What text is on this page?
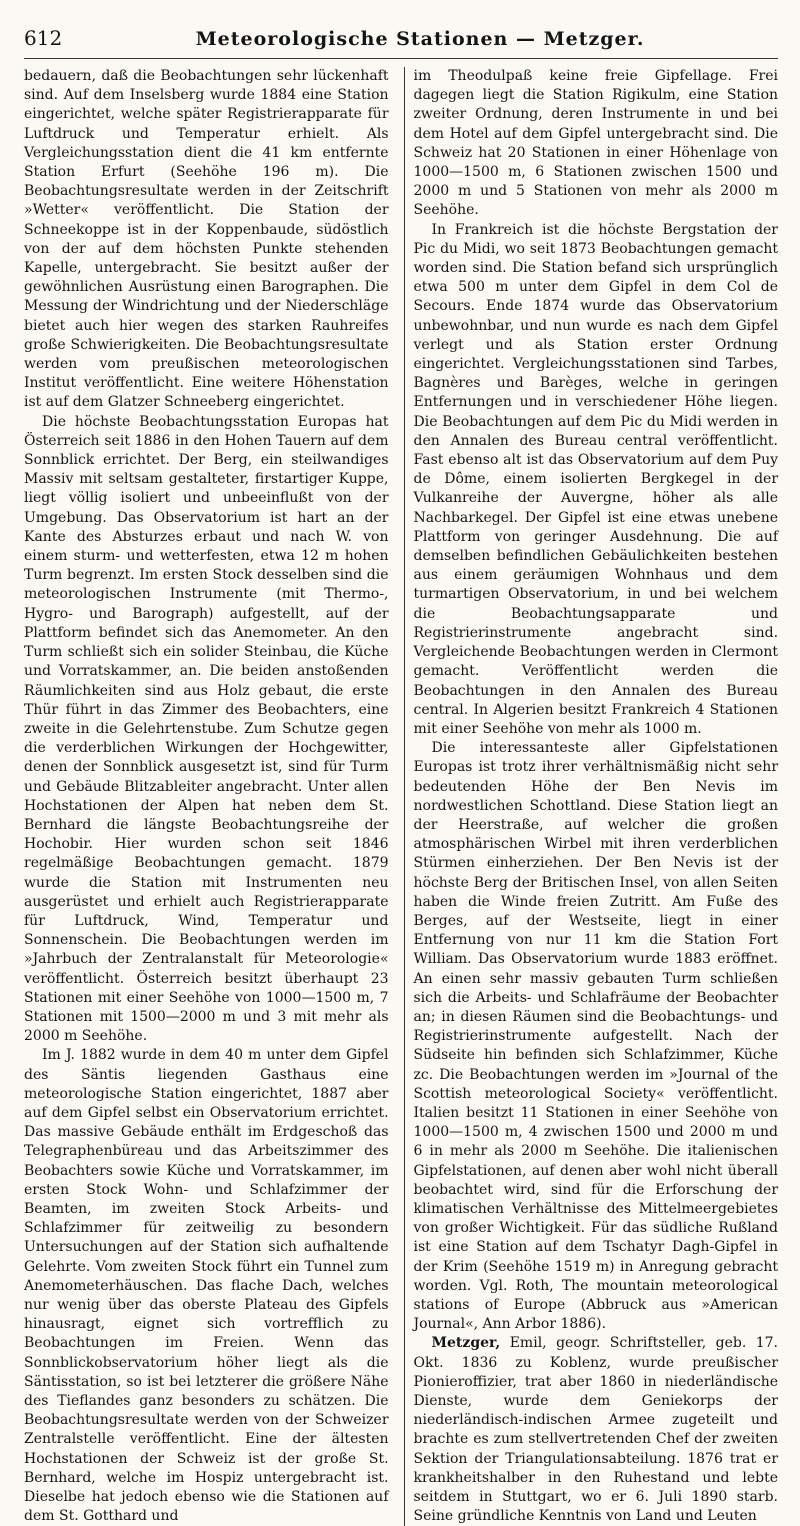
612	Meteorologische Stationen — Metzger.

bedauern, daß die Beobachtungen sehr lückenhaft sind. Auf dem Inselsberg wurde 1884 eine Station eingerichtet, welche später Registrierapparate für Luftdruck und Temperatur erhielt. Als Vergleichungsstation dient die 41 km entfernte Station Erfurt (Seehöhe 196 m). Die Beobachtungsresultate werden in der Zeitschrift »Wetter« veröffentlicht. Die Station der Schneekoppe ist in der Koppenbaude, südöstlich von der auf dem höchsten Punkte stehenden Kapelle, untergebracht. Sie besitzt außer der gewöhnlichen Ausrüstung einen Barographen. Die Messung der Windrichtung und der Niederschläge bietet auch hier wegen des starken Rauhreifes große Schwierigkeiten. Die Beobachtungsresultate werden vom preußischen meteorologischen Institut veröffentlicht. Eine weitere Höhenstation ist auf dem Glatzer Schneeberg eingerichtet.

Die höchste Beobachtungsstation Europas hat Österreich seit 1886 in den Hohen Tauern auf dem Sonnblick errichtet. Der Berg, ein steilwandiges Massiv mit seltsam gestalteter, firstartiger Kuppe, liegt völlig isoliert und unbeeinflußt von der Umgebung. Das Observatorium ist hart an der Kante des Absturzes erbaut und nach W. von einem sturm- und wetterfesten, etwa 12 m hohen Turm begrenzt. Im ersten Stock desselben sind die meteorologischen Instrumente (mit Thermo-, Hygro- und Barograph) aufgestellt, auf der Plattform befindet sich das Anemometer. An den Turm schließt sich ein solider Steinbau, die Küche und Vorratskammer, an. Die beiden anstoßenden Räumlichkeiten sind aus Holz gebaut, die erste Thür führt in das Zimmer des Beobachters, eine zweite in die Gelehrtenstube. Zum Schutze gegen die verderblichen Wirkungen der Hochgewitter, denen der Sonnblick ausgesetzt ist, sind für Turm und Gebäude Blitzableiter angebracht. Unter allen Hochstationen der Alpen hat neben dem St. Bernhard die längste Beobachtungsreihe der Hochobir. Hier wurden schon seit 1846 regelmäßige Beobachtungen gemacht. 1879 wurde die Station mit Instrumenten neu ausgerüstet und erhielt auch Registrierapparate für Luftdruck, Wind, Temperatur und Sonnenschein. Die Beobachtungen werden im »Jahrbuch der Zentralanstalt für Meteorologie« veröffentlicht. Österreich besitzt überhaupt 23 Stationen mit einer Seehöhe von 1000—1500 m, 7 Stationen mit 1500—2000 m und 3 mit mehr als 2000 m Seehöhe.

Im J. 1882 wurde in dem 40 m unter dem Gipfel des Säntis liegenden Gasthaus eine meteorologische Station eingerichtet, 1887 aber auf dem Gipfel selbst ein Observatorium errichtet. Das massive Gebäude enthält im Erdgeschoß das Telegraphenbüreau und das Arbeitszimmer des Beobachters sowie Küche und Vorratskammer, im ersten Stock Wohn- und Schlafzimmer der Beamten, im zweiten Stock Arbeits- und Schlafzimmer für zeitweilig zu besondern Untersuchungen auf der Station sich aufhaltende Gelehrte. Vom zweiten Stock führt ein Tunnel zum Anemometerhäuschen. Das flache Dach, welches nur wenig über das oberste Plateau des Gipfels hinausragt, eignet sich vortrefflich zu Beobachtungen im Freien. Wenn das Sonnblickobservatorium höher liegt als die Säntisstation, so ist bei letzterer die größere Nähe des Tieflandes ganz besonders zu schätzen. Die Beobachtungsresultate werden von der Schweizer Zentralstelle veröffentlicht. Eine der ältesten Hochstationen der Schweiz ist der große St. Bernhard, welche im Hospiz untergebracht ist. Dieselbe hat jedoch ebenso wie die Stationen auf dem St. Gotthard und

im Theodulpaß keine freie Gipfellage. Frei dagegen liegt die Station Rigikulm, eine Station zweiter Ordnung, deren Instrumente in und bei dem Hotel auf dem Gipfel untergebracht sind. Die Schweiz hat 20 Stationen in einer Höhenlage von 1000—1500 m, 6 Stationen zwischen 1500 und 2000 m und 5 Stationen von mehr als 2000 m Seehöhe.

In Frankreich ist die höchste Bergstation der Pic du Midi, wo seit 1873 Beobachtungen gemacht worden sind. Die Station befand sich ursprünglich etwa 500 m unter dem Gipfel in dem Col de Secours. Ende 1874 wurde das Observatorium unbewohnbar, und nun wurde es nach dem Gipfel verlegt und als Station erster Ordnung eingerichtet. Vergleichungsstationen sind Tarbes, Bagnères und Barèges, welche in geringen Entfernungen und in verschiedener Höhe liegen. Die Beobachtungen auf dem Pic du Midi werden in den Annalen des Bureau central veröffentlicht. Fast ebenso alt ist das Observatorium auf dem Puy de Dôme, einem isolierten Bergkegel in der Vulkanreihe der Auvergne, höher als alle Nachbarkegel. Der Gipfel ist eine etwas unebene Plattform von geringer Ausdehnung. Die auf demselben befindlichen Gebäulichkeiten bestehen aus einem geräumigen Wohnhaus und dem turmartigen Observatorium, in und bei welchem die Beobachtungsapparate und Registrierinstrumente angebracht sind. Vergleichende Beobachtungen werden in Clermont gemacht. Veröffentlicht werden die Beobachtungen in den Annalen des Bureau central. In Algerien besitzt Frankreich 4 Stationen mit einer Seehöhe von mehr als 1000 m.

Die interessanteste aller Gipfelstationen Europas ist trotz ihrer verhältnismäßig nicht sehr bedeutenden Höhe der Ben Nevis im nordwestlichen Schottland. Diese Station liegt an der Heerstraße, auf welcher die großen atmosphärischen Wirbel mit ihren verderblichen Stürmen einherziehen. Der Ben Nevis ist der höchste Berg der Britischen Insel, von allen Seiten haben die Winde freien Zutritt. Am Fuße des Berges, auf der Westseite, liegt in einer Entfernung von nur 11 km die Station Fort William. Das Observatorium wurde 1883 eröffnet. An einen sehr massiv gebauten Turm schließen sich die Arbeits- und Schlafräume der Beobachter an; in diesen Räumen sind die Beobachtungs- und Registrierinstrumente aufgestellt. Nach der Südseite hin befinden sich Schlafzimmer, Küche zc. Die Beobachtungen werden im »Journal of the Scottish meteorological Society« veröffentlicht. Italien besitzt 11 Stationen in einer Seehöhe von 1000—1500 m, 4 zwischen 1500 und 2000 m und 6 in mehr als 2000 m Seehöhe. Die italienischen Gipfelstationen, auf denen aber wohl nicht überall beobachtet wird, sind für die Erforschung der klimatischen Verhältnisse des Mittelmeergebietes von großer Wichtigkeit. Für das südliche Rußland ist eine Station auf dem Tschatyr Dagh-Gipfel in der Krim (Seehöhe 1519 m) in Anregung gebracht worden. Vgl. Roth, The mountain meteorological stations of Europe (Abbruck aus »American Journal«, Ann Arbor 1886).

Metzger, Emil, geogr. Schriftsteller, geb. 17. Okt. 1836 zu Koblenz, wurde preußischer Pionieroffizier, trat aber 1860 in niederländische Dienste, wurde dem Geniekorps der niederländisch-indischen Armee zugeteilt und brachte es zum stellvertretenden Chef der zweiten Sektion der Triangulationsabteilung. 1876 trat er krankheitshalber in den Ruhestand und lebte seitdem in Stuttgart, wo er 6. Juli 1890 starb. Seine gründliche Kenntnis von Land und Leuten
